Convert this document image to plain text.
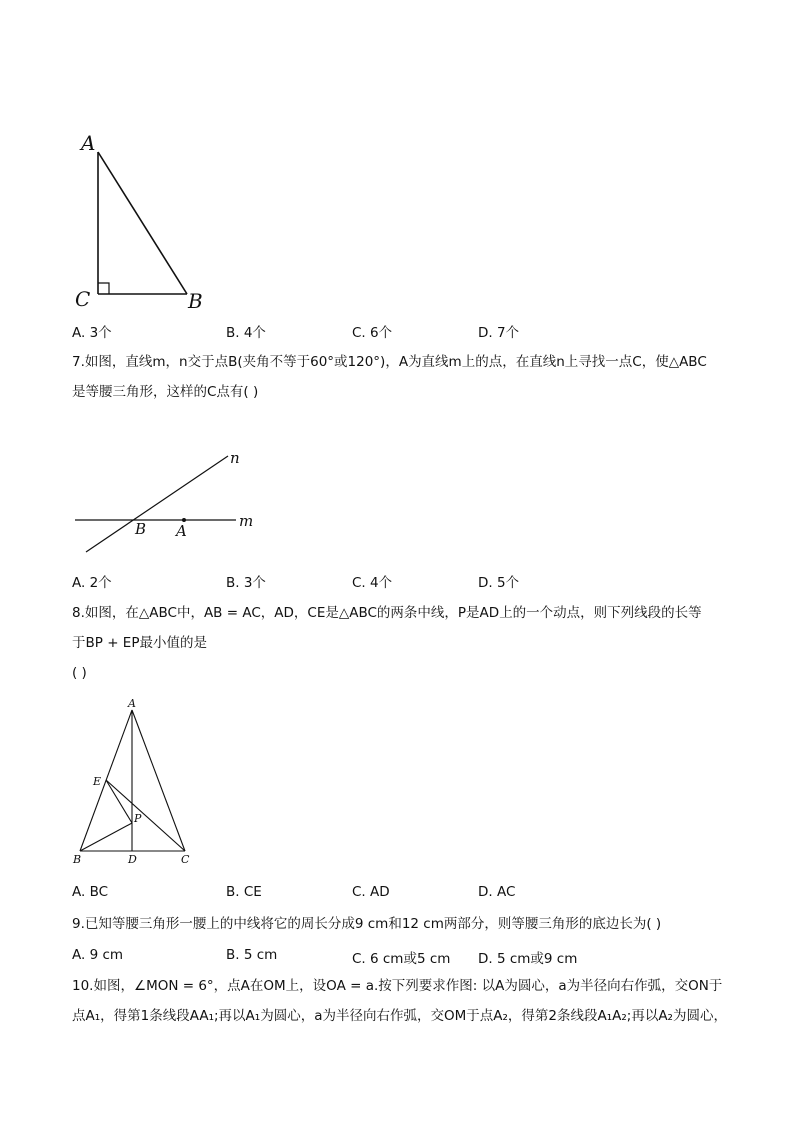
A
C	B
A. 3个	B. 4个	C. 6个	D. 7个
7.如图，直线m，n交于点B(夹角不等于60°或120°)，A为直线m上的点，在直线n上寻找一点C，使△ABC
是等腰三角形，这样的C点有( )
n
m
B A
A. 2个	B. 3个	C. 4个	D. 5个
8.如图，在△ABC中，AB = AC，AD，CE是△ABC的两条中线，P是AD上的一个动点，则下列线段的长等
于BP + EP最小值的是
( )
A
E
P
B	D	C
A. BC	B. CE	C. AD	D. AC
9.已知等腰三角形一腰上的中线将它的周长分成9 cm和12 cm两部分，则等腰三角形的底边长为( )
A. 9 cm	B. 5 cm	C. 6 cm或5 cm D. 5 cm或9 cm
10.如图，∠MON = 6°，点A在OM上，设OA = a.按下列要求作图: 以A为圆心，a为半径向右作弧，交ON于
点A₁，得第1条线段AA₁;再以A₁为圆心，a为半径向右作弧，交OM于点A₂，得第2条线段A₁A₂;再以A₂为圆心，
